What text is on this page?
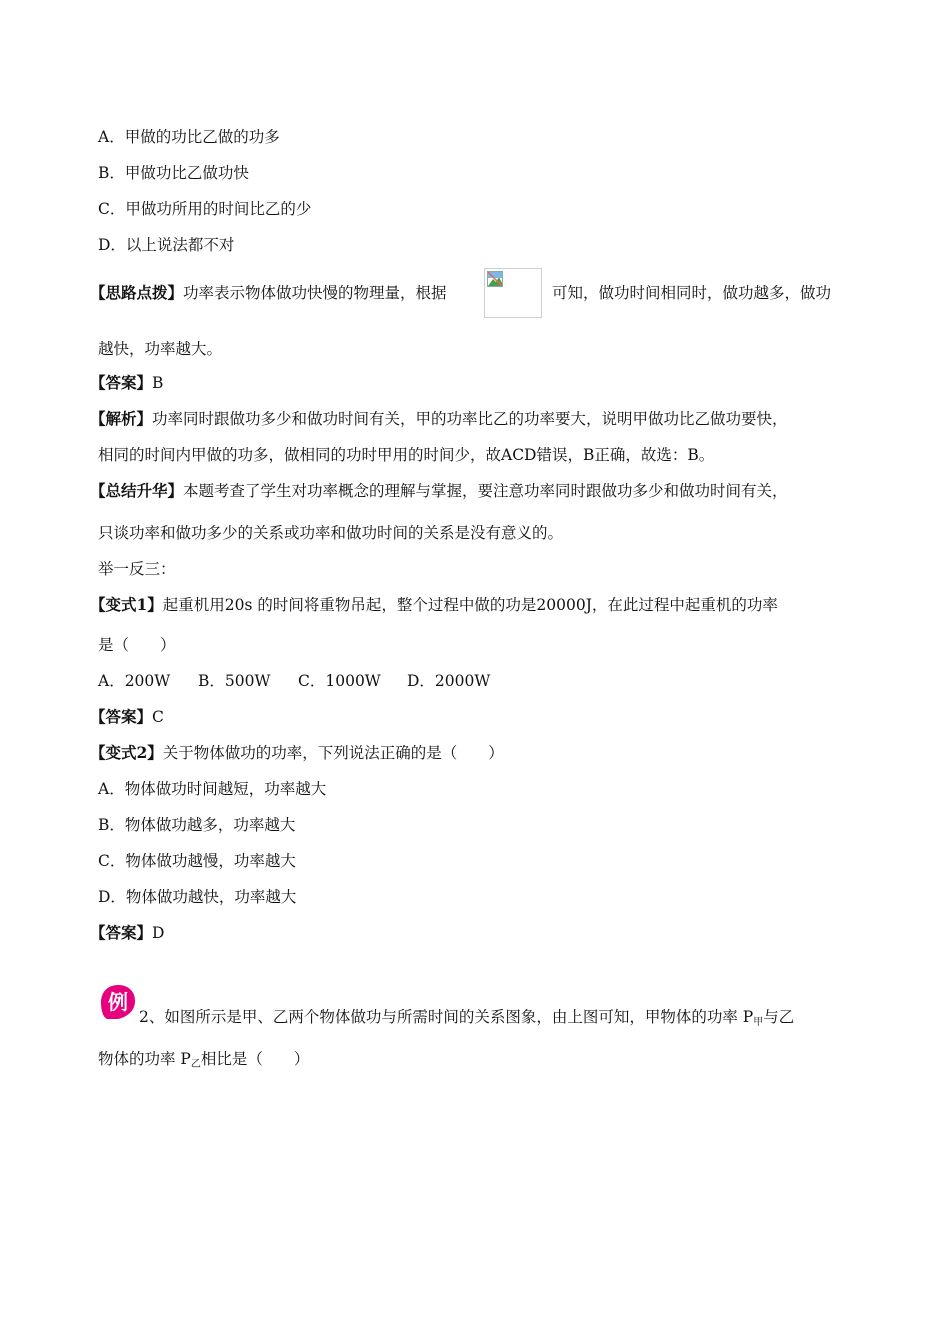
A．甲做的功比乙做的功多
B．甲做功比乙做功快
C．甲做功所用的时间比乙的少
D．以上说法都不对
【思路点拨】功率表示物体做功快慢的物理量，根据	可知，做功时间相同时，做功越多，做功
越快，功率越大。
【答案】B
【解析】功率同时跟做功多少和做功时间有关，甲的功率比乙的功率要大，说明甲做功比乙做功要快，
相同的时间内甲做的功多，做相同的功时甲用的时间少，故ACD错误，B正确，故选：B。
【总结升华】本题考查了学生对功率概念的理解与掌握，要注意功率同时跟做功多少和做功时间有关，
只谈功率和做功多少的关系或功率和做功时间的关系是没有意义的。
举一反三：
【变式1】起重机用20s 的时间将重物吊起，整个过程中做的功是20000J，在此过程中起重机的功率
是（　　）
A．200W B．500W C．1000W D．2000W
【答案】C
【变式2】关于物体做功的功率，下列说法正确的是（　　）
A．物体做功时间越短，功率越大
B．物体做功越多，功率越大
C．物体做功越慢，功率越大
D．物体做功越快，功率越大
【答案】D
例
2、如图所示是甲、乙两个物体做功与所需时间的关系图象，由上图可知，甲物体的功率 $P_甲$与乙
物体的功率 $P_乙$相比是（　　）
